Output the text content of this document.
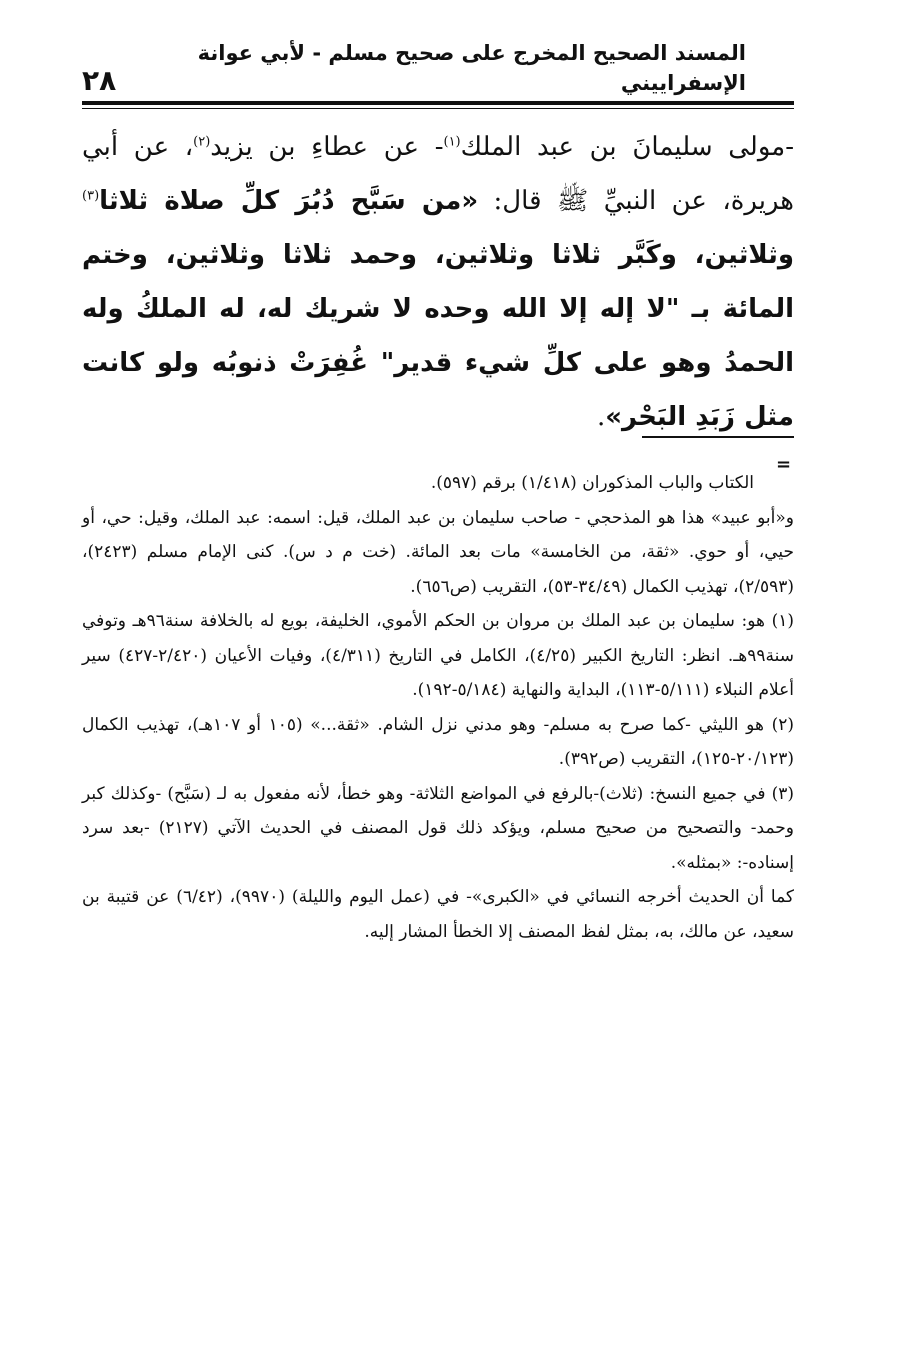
٢٨
المسند الصحيح المخرج على صحيح مسلم - لأبي عوانة الإسفراييني
-مولى سليمانَ بن عبد الملك$^{(١)}$- عن عطاءِ بن يزيد$^{(٢)}$، عن أبي هريرة، عن النبيِّ ﷺ قال: «من سَبَّح دُبُرَ كلِّ صلاة ثلاثا$^{(٣)}$ وثلاثين، وكَبَّر ثلاثا وثلاثين، وحمد ثلاثا وثلاثين، وختم المائة بـ "لا إله إلا الله وحده لا شريك له، له الملكُ وله الحمدُ وهو على كلِّ شيء قدير" غُفِرَتْ ذنوبُه ولو كانت مثل زَبَدِ البَحْر».
=

الكتاب والباب المذكوران (١/٤١٨) برقم (٥٩٧).

و«أبو عبيد» هذا هو المذحجي - صاحب سليمان بن عبد الملك، قيل: اسمه: عبد الملك، وقيل: حي، أو حيي، أو حوي. «ثقة، من الخامسة» مات بعد المائة. (خت م د س). كنى الإمام مسلم (٢٤٢٣)، (٢/٥٩٣)، تهذيب الكمال (٣٤/٤٩-٥٣)، التقريب (ص٦٥٦).

(١) هو: سليمان بن عبد الملك بن مروان بن الحكم الأموي، الخليفة، بويع له بالخلافة سنة٩٦هـ وتوفي سنة٩٩هـ. انظر: التاريخ الكبير (٤/٢٥)، الكامل في التاريخ (٤/٣١١)، وفيات الأعيان (٢/٤٢٠-٤٢٧) سير أعلام النبلاء (٥/١١١-١١٣)، البداية والنهاية (٥/١٨٤-١٩٢).

(٢) هو الليثي -كما صرح به مسلم- وهو مدني نزل الشام. «ثقة...» (١٠٥ أو ١٠٧هـ)، تهذيب الكمال (٢٠/١٢٣-١٢٥)، التقريب (ص٣٩٢).

(٣) في جميع النسخ: (ثلاث)-بالرفع في المواضع الثلاثة- وهو خطأ، لأنه مفعول به لـ (سَبَّح) -وكذلك كبر وحمد- والتصحيح من صحيح مسلم، ويؤكد ذلك قول المصنف في الحديث الآتي (٢١٢٧) -بعد سرد إسناده-: «بمثله».

كما أن الحديث أخرجه النسائي في «الكبرى»- في (عمل اليوم والليلة) (٩٩٧٠)، (٦/٤٢) عن قتيبة بن سعيد، عن مالك، به، بمثل لفظ المصنف إلا الخطأ المشار إليه.
